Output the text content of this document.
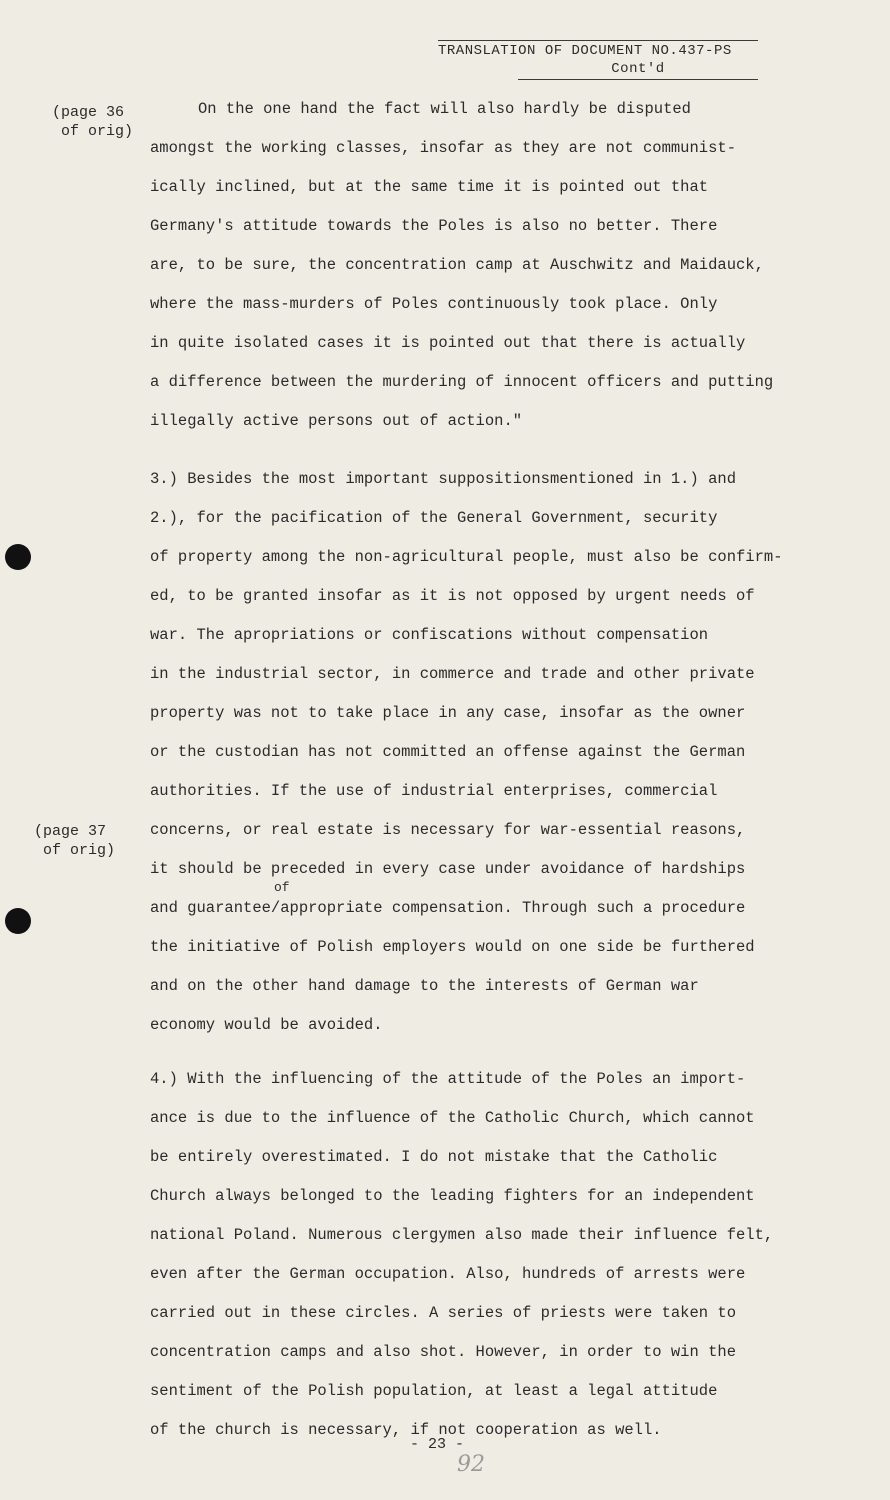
TRANSLATION OF DOCUMENT NO.437-PS
Cont'd
(page 36
of orig)
(page 37
of orig)
On the one hand the fact will also hardly be disputed
amongst the working classes, insofar as they are not communist-
ically inclined, but at the same time it is pointed out that
Germany's attitude towards the Poles is also no better. There
are, to be sure, the concentration camp at Auschwitz and Maidauck,
where the mass-murders of Poles continuously took place. Only
in quite isolated cases it is pointed out that there is actually
a difference between the murdering of innocent officers and putting
illegally active persons out of action."
3.) Besides the most important suppositionsmentioned in 1.) and
2.), for the pacification of the General Government, security
of property among the non-agricultural people, must also be confirm-
ed, to be granted insofar as it is not opposed by urgent needs of
war. The apropriations or confiscations without compensation
in the industrial sector, in commerce and trade and other private
property was not to take place in any case, insofar as the owner
or the custodian has not committed an offense against the German
authorities. If the use of industrial enterprises, commercial
concerns, or real estate is necessary for war-essential reasons,
it should be preceded in every case under avoidance of hardships
and guarantee/appropriate compensation. Through such a procedure
the initiative of Polish employers would on one side be furthered
and on the other hand damage to the interests of German war
economy would be avoided.
of
4.) With the influencing of the attitude of the Poles an import-
ance is due to the influence of the Catholic Church, which cannot
be entirely overestimated. I do not mistake that the Catholic
Church always belonged to the leading fighters for an independent
national Poland. Numerous clergymen also made their influence felt,
even after the German occupation. Also, hundreds of arrests were
carried out in these circles. A series of priests were taken to
concentration camps and also shot. However, in order to win the
sentiment of the Polish population, at least a legal attitude
of the church is necessary, if not cooperation as well.
- 23 -
92
